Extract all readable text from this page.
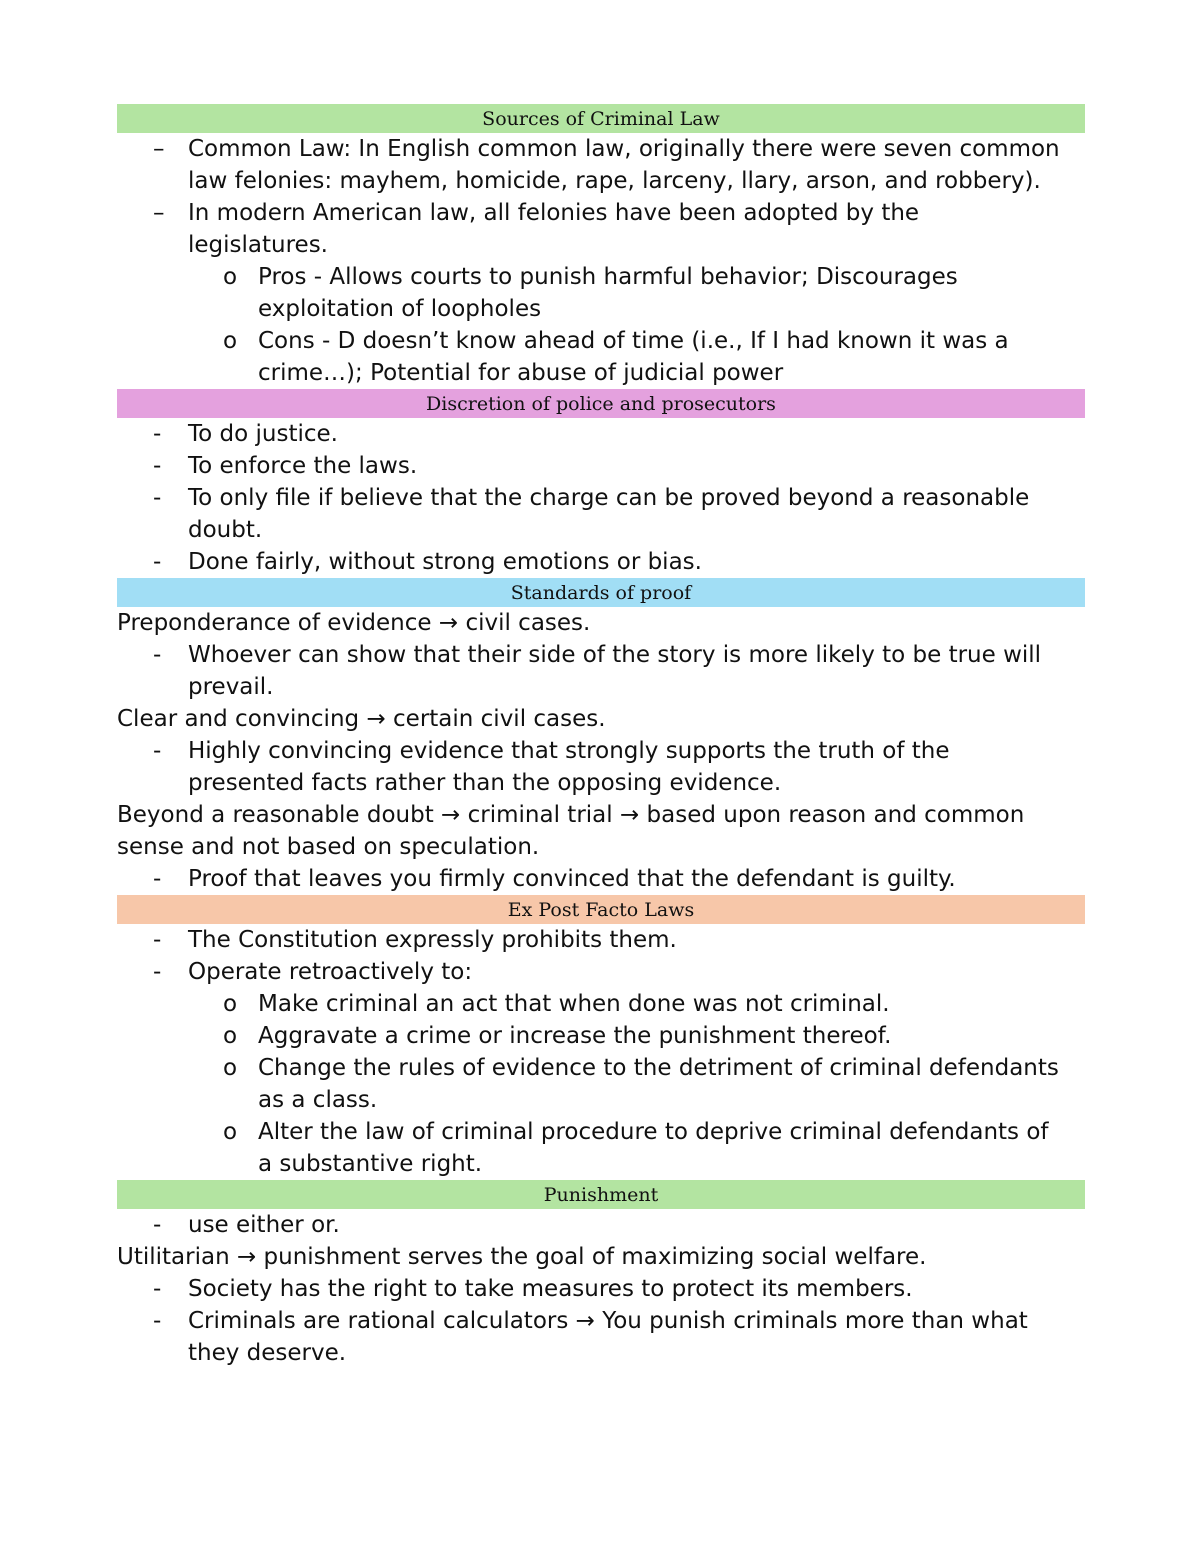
Sources of Criminal Law
– Common Law: In English common law, originally there were seven common
law felonies: mayhem, homicide, rape, larceny, llary, arson, and robbery).
– In modern American law, all felonies have been adopted by the
legislatures.
o Pros - Allows courts to punish harmful behavior; Discourages
exploitation of loopholes
o Cons - D doesn’t know ahead of time (i.e., If I had known it was a
crime…); Potential for abuse of judicial power
Discretion of police and prosecutors
- To do justice.
- To enforce the laws.
- To only file if believe that the charge can be proved beyond a reasonable
doubt.
- Done fairly, without strong emotions or bias.
Standards of proof
Preponderance of evidence → civil cases.
- Whoever can show that their side of the story is more likely to be true will
prevail.
Clear and convincing → certain civil cases.
- Highly convincing evidence that strongly supports the truth of the
presented facts rather than the opposing evidence.
Beyond a reasonable doubt → criminal trial → based upon reason and common
sense and not based on speculation.
- Proof that leaves you firmly convinced that the defendant is guilty.
Ex Post Facto Laws
- The Constitution expressly prohibits them.
- Operate retroactively to:
o Make criminal an act that when done was not criminal.
o Aggravate a crime or increase the punishment thereof.
o Change the rules of evidence to the detriment of criminal defendants
as a class.
o Alter the law of criminal procedure to deprive criminal defendants of
a substantive right.
Punishment
- use either or.
Utilitarian → punishment serves the goal of maximizing social welfare.
- Society has the right to take measures to protect its members.
- Criminals are rational calculators → You punish criminals more than what
they deserve.
